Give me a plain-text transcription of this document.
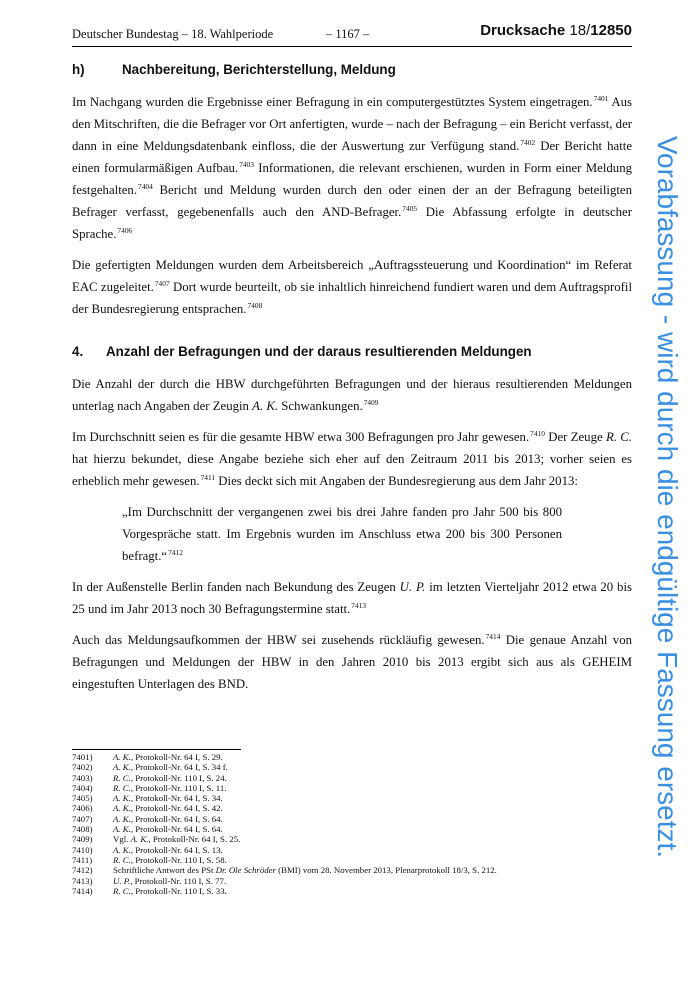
Deutscher Bundestag – 18. Wahlperiode	– 1167 –	Drucksache 18/12850
h)	Nachbereitung, Berichterstellung, Meldung

Im Nachgang wurden die Ergebnisse einer Befragung in ein computergestütztes System eingetragen.$^{7401}$ Aus den Mitschriften, die die Befrager vor Ort anfertigten, wurde – nach der Befragung – ein Bericht verfasst, der dann in eine Meldungsdatenbank einfloss, die der Auswertung zur Verfügung stand.$^{7402}$ Der Bericht hatte einen formularmäßigen Aufbau.$^{7403}$ Informationen, die relevant erschienen, wurden in Form einer Meldung festgehalten.$^{7404}$ Bericht und Meldung wurden durch den oder einen der an der Befragung beteiligten Befrager verfasst, gegebenenfalls auch den AND-Befrager.$^{7405}$ Die Abfassung erfolgte in deutscher Sprache.$^{7406}$

Die gefertigten Meldungen wurden dem Arbeitsbereich „Auftragssteuerung und Koordination“ im Referat EAC zugeleitet.$^{7407}$ Dort wurde beurteilt, ob sie inhaltlich hinreichend fundiert waren und dem Auftragsprofil der Bundesregierung entsprachen.$^{7408}$

4. Anzahl der Befragungen und der daraus resultierenden Meldungen

Die Anzahl der durch die HBW durchgeführten Befragungen und der hieraus resultierenden Meldungen unterlag nach Angaben der Zeugin A. K. Schwankungen.$^{7409}$

Im Durchschnitt seien es für die gesamte HBW etwa 300 Befragungen pro Jahr gewesen.$^{7410}$ Der Zeuge R. C. hat hierzu bekundet, diese Angabe beziehe sich eher auf den Zeitraum 2011 bis 2013; vorher seien es erheblich mehr gewesen.$^{7411}$ Dies deckt sich mit Angaben der Bundesregierung aus dem Jahr 2013:

„Im Durchschnitt der vergangenen zwei bis drei Jahre fanden pro Jahr 500 bis 800 Vorgespräche statt. Im Ergebnis wurden im Anschluss etwa 200 bis 300 Personen befragt.“$^{7412}$

In der Außenstelle Berlin fanden nach Bekundung des Zeugen U. P. im letzten Vierteljahr 2012 etwa 20 bis 25 und im Jahr 2013 noch 30 Befragungstermine statt.$^{7413}$

Auch das Meldungsaufkommen der HBW sei zusehends rückläufig gewesen.$^{7414}$ Die genaue Anzahl von Befragungen und Meldungen der HBW in den Jahren 2010 bis 2013 ergibt sich aus als GEHEIM eingestuften Unterlagen des BND.

7401)	A. K., Protokoll-Nr. 64 I, S. 29.
7402)	A. K., Protokoll-Nr. 64 I, S. 34 f.
7403)	R. C., Protokoll-Nr. 110 I, S. 24.
7404)	R. C., Protokoll-Nr. 110 I, S. 11.
7405)	A. K., Protokoll-Nr. 64 I, S. 34.
7406)	A. K., Protokoll-Nr. 64 I, S. 42.
7407)	A. K., Protokoll-Nr. 64 I, S. 64.
7408)	A. K., Protokoll-Nr. 64 I, S. 64.
7409)	Vgl. A. K., Protokoll-Nr. 64 I, S. 25.
7410)	A. K., Protokoll-Nr. 64 I, S. 13.
7411)	R. C., Protokoll-Nr. 110 I, S. 58.
7412)	Schriftliche Antwort des PSt Dr. Ole Schröder (BMI) vom 28. November 2013, Plenarprotokoll 18/3, S. 212.
7413)	U. P., Protokoll-Nr. 110 I, S. 77.
7414)	R. C., Protokoll-Nr. 110 I, S. 33.
Vorabfassung - wird durch die endgültige Fassung ersetzt.
